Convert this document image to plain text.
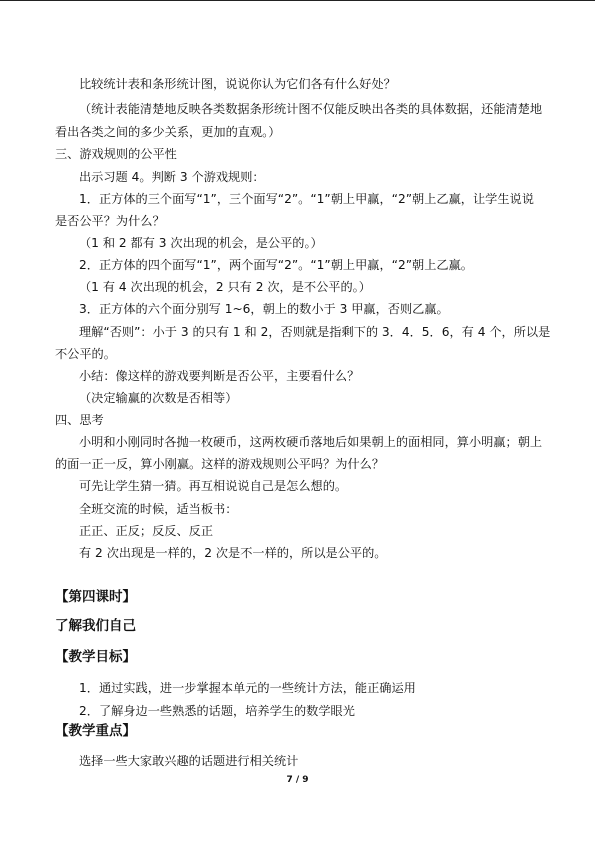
比较统计表和条形统计图，说说你认为它们各有什么好处？
（统计表能清楚地反映各类数据条形统计图不仅能反映出各类的具体数据，还能清楚地
看出各类之间的多少关系，更加的直观。）
三、游戏规则的公平性
出示习题 4。判断 3 个游戏规则：
1．正方体的三个面写“1”，三个面写“2”。“1”朝上甲赢，“2”朝上乙赢，让学生说说
是否公平？为什么？
（1 和 2 都有 3 次出现的机会，是公平的。）
2．正方体的四个面写“1”，两个面写“2”。“1”朝上甲赢，“2”朝上乙赢。
（1 有 4 次出现的机会，2 只有 2 次，是不公平的。）
3．正方体的六个面分别写 1~6，朝上的数小于 3 甲赢，否则乙赢。
理解“否则”：小于 3 的只有 1 和 2，否则就是指剩下的 3．4．5．6，有 4 个，所以是
不公平的。
小结：像这样的游戏要判断是否公平，主要看什么？
（决定输赢的次数是否相等）
四、思考
小明和小刚同时各抛一枚硬币，这两枚硬币落地后如果朝上的面相同，算小明赢；朝上
的面一正一反，算小刚赢。这样的游戏规则公平吗？为什么？
可先让学生猜一猜。再互相说说自己是怎么想的。
全班交流的时候，适当板书：
正正、正反；反反、反正
有 2 次出现是一样的，2 次是不一样的，所以是公平的。
【第四课时】
了解我们自己
【教学目标】
1．通过实践，进一步掌握本单元的一些统计方法，能正确运用
2．了解身边一些熟悉的话题，培养学生的数学眼光
【教学重点】
选择一些大家敢兴趣的话题进行相关统计
7 / 9
